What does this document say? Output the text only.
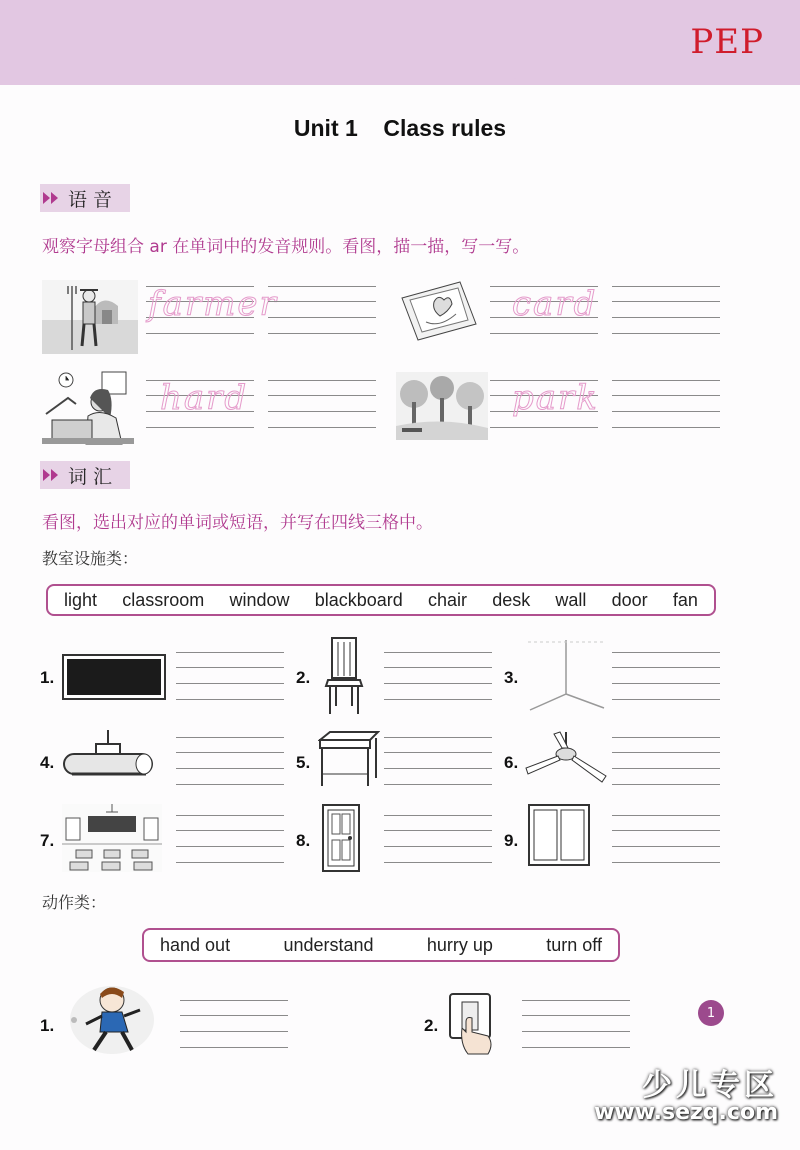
PEP
Unit 1    Class rules
语音
观察字母组合 ar 在单词中的发音规则。看图，描一描，写一写。
farmer	card
hard	park
词汇
看图，选出对应的单词或短语，并写在四线三格中。
教室设施类：
light classroom window blackboard chair desk wall door fan
1.	2.	3.
4.	5.	6.
7.	8.	9.
动作类：
hand out	understand	hurry up	turn off
1.	2.
1
少儿专区
www.sezq.com
